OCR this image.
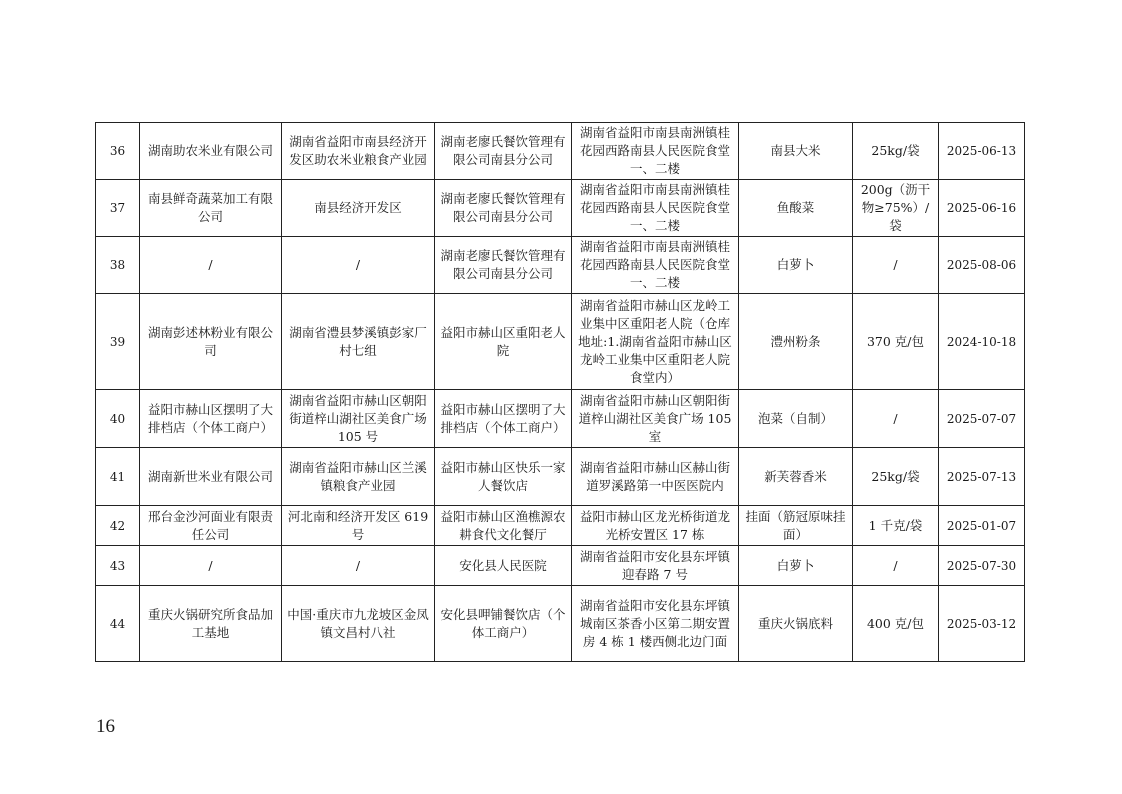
36	湖南助农米业有限公司	湖南省益阳市南县经济开发区助农米业粮食产业园	湖南老廖氏餐饮管理有限公司南县分公司	湖南省益阳市南县南洲镇桂花园西路南县人民医院食堂一、二楼	南县大米	25kg/袋	2025-06-13
37	南县鲜奇蔬菜加工有限公司	南县经济开发区	湖南老廖氏餐饮管理有限公司南县分公司	湖南省益阳市南县南洲镇桂花园西路南县人民医院食堂一、二楼	鱼酸菜	200g（沥干物≥75%）/袋	2025-06-16
38	/	/	湖南老廖氏餐饮管理有限公司南县分公司	湖南省益阳市南县南洲镇桂花园西路南县人民医院食堂一、二楼	白萝卜	/	2025-08-06
39	湖南彭述林粉业有限公司	湖南省澧县梦溪镇彭家厂村七组	益阳市赫山区重阳老人院	湖南省益阳市赫山区龙岭工业集中区重阳老人院（仓库地址:1.湖南省益阳市赫山区龙岭工业集中区重阳老人院食堂内）	澧州粉条	370 克/包	2024-10-18
40	益阳市赫山区摆明了大排档店（个体工商户）	湖南省益阳市赫山区朝阳街道梓山湖社区美食广场 105 号	益阳市赫山区摆明了大排档店（个体工商户）	湖南省益阳市赫山区朝阳街道梓山湖社区美食广场 105 室	泡菜（自制）	/	2025-07-07
41	湖南新世米业有限公司	湖南省益阳市赫山区兰溪镇粮食产业园	益阳市赫山区快乐一家人餐饮店	湖南省益阳市赫山区赫山街道罗溪路第一中医医院内	新芙蓉香米	25kg/袋	2025-07-13
42	邢台金沙河面业有限责任公司	河北南和经济开发区 619 号	益阳市赫山区渔樵源农耕食代文化餐厅	益阳市赫山区龙光桥街道龙光桥安置区 17 栋	挂面（筋冠原味挂面）	1 千克/袋	2025-01-07
43	/	/	安化县人民医院	湖南省益阳市安化县东坪镇迎春路 7 号	白萝卜	/	2025-07-30
44	重庆火锅研究所食品加工基地	中国·重庆市九龙坡区金凤镇文昌村八社	安化县呷铺餐饮店（个体工商户）	湖南省益阳市安化县东坪镇城南区茶香小区第二期安置房 4 栋 1 楼西侧北边门面	重庆火锅底料	400 克/包	2025-03-12
16
